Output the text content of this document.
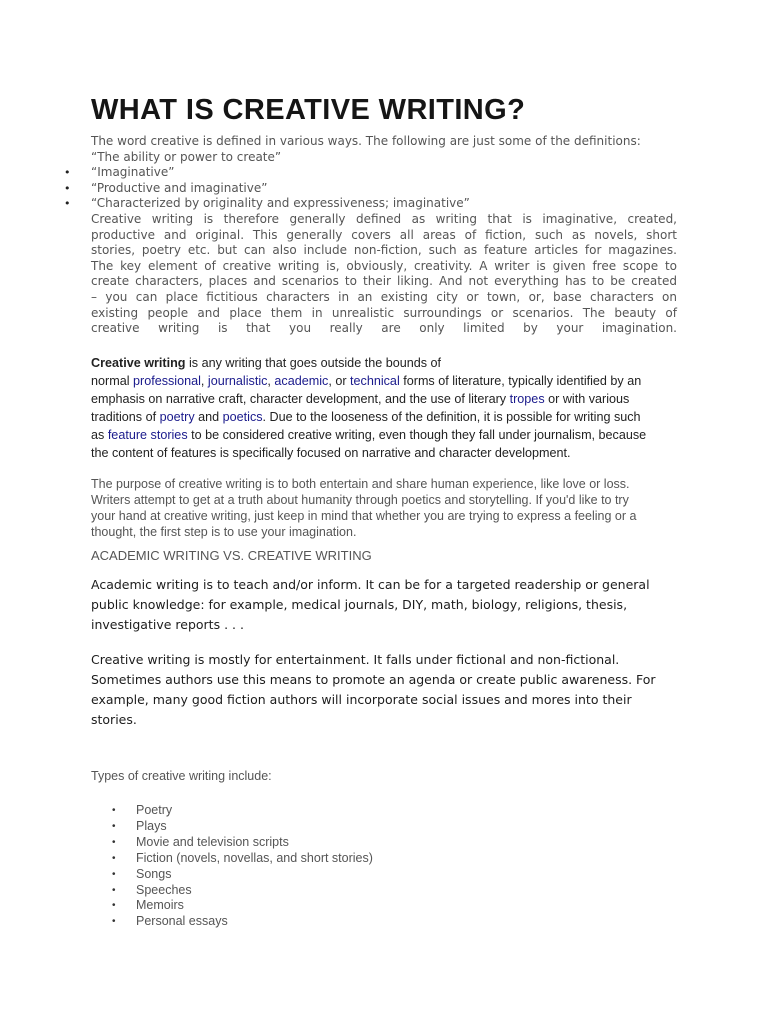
WHAT IS CREATIVE WRITING?

The word creative is defined in various ways. The following are just some of the definitions:

“The ability or power to create”

• “Imaginative”
• “Productive and imaginative”
• “Characterized by originality and expressiveness; imaginative”

Creative writing is therefore generally defined as writing that is imaginative, created,

productive and original. This generally covers all areas of fiction, such as novels, short

stories, poetry etc. but can also include non-fiction, such as feature articles for magazines.

The key element of creative writing is, obviously, creativity. A writer is given free scope to

create characters, places and scenarios to their liking. And not everything has to be created

– you can place fictitious characters in an existing city or town, or, base characters on

existing people and place them in unrealistic surroundings or scenarios. The beauty of

creative writing is that you really are only limited by your imagination.

Creative writing is any writing that goes outside the bounds of
normal professional, journalistic, academic, or technical forms of literature, typically identified by an
emphasis on narrative craft, character development, and the use of literary tropes or with various
traditions of poetry and poetics. Due to the looseness of the definition, it is possible for writing such
as feature stories to be considered creative writing, even though they fall under journalism, because
the content of features is specifically focused on narrative and character development.
The purpose of creative writing is to both entertain and share human experience, like love or loss.
Writers attempt to get at a truth about humanity through poetics and storytelling. If you'd like to try
your hand at creative writing, just keep in mind that whether you are trying to express a feeling or a
thought, the first step is to use your imagination.
ACADEMIC WRITING VS. CREATIVE WRITING
Academic writing is to teach and/or inform. It can be for a targeted readership or general
public knowledge: for example, medical journals, DIY, math, biology, religions, thesis,
investigative reports . . .
Creative writing is mostly for entertainment. It falls under fictional and non-fictional.
Sometimes authors use this means to promote an agenda or create public awareness. For
example, many good fiction authors will incorporate social issues and mores into their
stories.
Types of creative writing include:
• Poetry
• Plays
• Movie and television scripts
• Fiction (novels, novellas, and short stories)
• Songs
• Speeches
• Memoirs
• Personal essays
